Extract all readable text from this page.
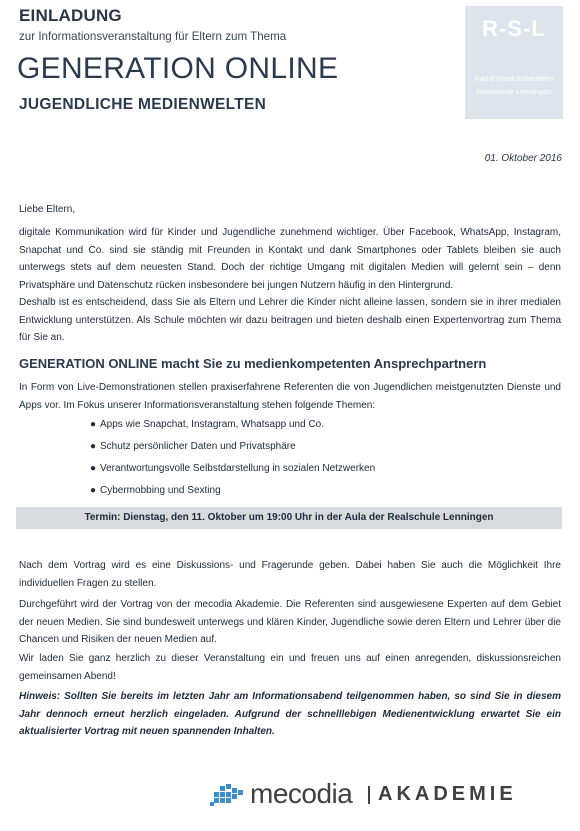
EINLADUNG
zur Informationsveranstaltung für Eltern zum Thema
GENERATION ONLINE
JUGENDLICHE MEDIENWELTEN
R-S-L
Karl-Erhard-Scheufelen
Realschule Lenningen
01. Oktober 2016
Liebe Eltern,
digitale Kommunikation wird für Kinder und Jugendliche zunehmend wichtiger. Über Facebook, WhatsApp, Instagram, Snapchat und Co. sind sie ständig mit Freunden in Kontakt und dank Smartphones oder Tablets bleiben sie auch unterwegs stets auf dem neuesten Stand. Doch der richtige Umgang mit digitalen Medien will gelernt sein – denn Privatsphäre und Datenschutz rücken insbesondere bei jungen Nutzern häufig in den Hintergrund.
Deshalb ist es entscheidend, dass Sie als Eltern und Lehrer die Kinder nicht alleine lassen, sondern sie in ihrer medialen Entwicklung unterstützen. Als Schule möchten wir dazu beitragen und bieten deshalb einen Expertenvortrag zum Thema für Sie an.
GENERATION ONLINE macht Sie zu medienkompetenten Ansprechpartnern
In Form von Live-Demonstrationen stellen praxiserfahrene Referenten die von Jugendlichen meistgenutzten Dienste und Apps vor. Im Fokus unserer Informationsveranstaltung stehen folgende Themen:
● Apps wie Snapchat, Instagram, Whatsapp und Co.
● Schutz persönlicher Daten und Privatsphäre
● Verantwortungsvolle Selbstdarstellung in sozialen Netzwerken
● Cybermobbing und Sexting
Termin: Dienstag, den 11. Oktober um 19:00 Uhr in der Aula der Realschule Lenningen
Nach dem Vortrag wird es eine Diskussions- und Fragerunde geben. Dabei haben Sie auch die Möglichkeit Ihre individuellen Fragen zu stellen.
Durchgeführt wird der Vortrag von der mecodia Akademie. Die Referenten sind ausgewiesene Experten auf dem Gebiet der neuen Medien. Sie sind bundesweit unterwegs und klären Kinder, Jugendliche sowie deren Eltern und Lehrer über die Chancen und Risiken der neuen Medien auf.
Wir laden Sie ganz herzlich zu dieser Veranstaltung ein und freuen uns auf einen anregenden, diskussionsreichen gemeinsamen Abend!
Hinweis: Sollten Sie bereits im letzten Jahr am Informationsabend teilgenommen haben, so sind Sie in diesem Jahr dennoch erneut herzlich eingeladen. Aufgrund der schnelllebigen Medienentwicklung erwartet Sie ein aktualisierter Vortrag mit neuen spannenden Inhalten.
mecodia AKADEMIE
